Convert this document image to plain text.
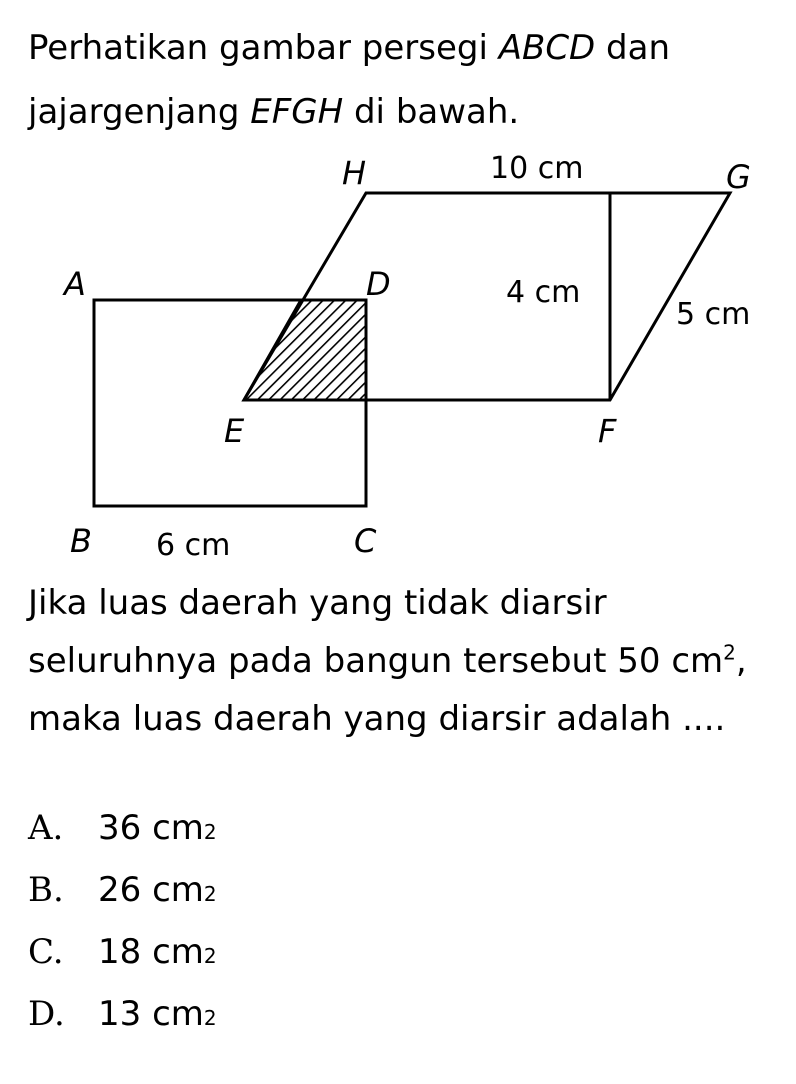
Perhatikan gambar persegi ABCD dan
jajargenjang EFGH di bawah.

H	G
A	D
E	F
B	C
10 cm
4 cm
5 cm
6 cm

Jika luas daerah yang tidak diarsir seluruhnya pada bangun tersebut 50 $cm^2$, maka luas daerah yang diarsir adalah ....

A.	36 cm 2
B.	26 cm 2
C.	18 cm 2
D. 13 cm 2
